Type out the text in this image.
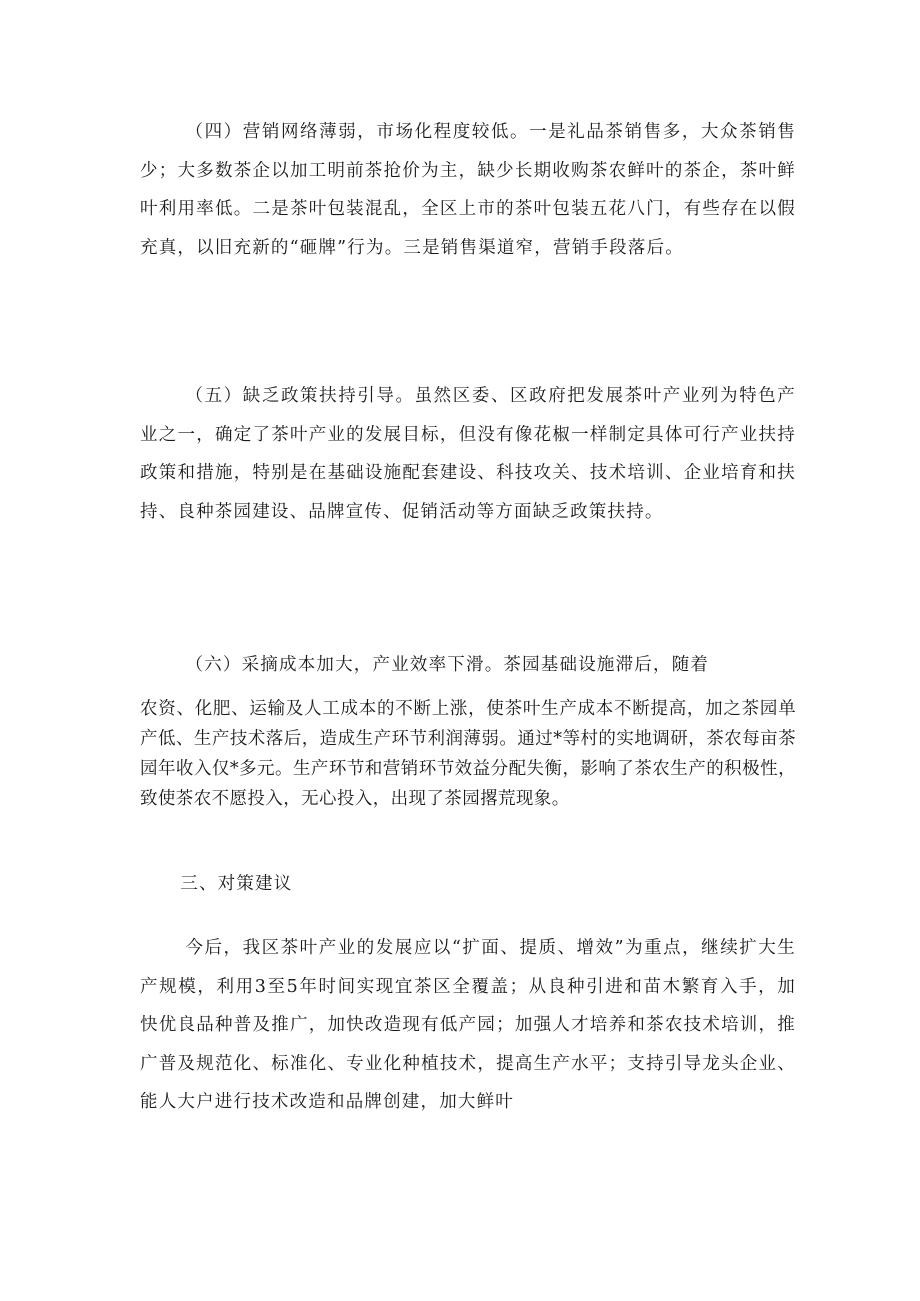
（四）营销网络薄弱，市场化程度较低。一是礼品茶销售多，大众茶销售少；大多数茶企以加工明前茶抢价为主，缺少长期收购茶农鲜叶的茶企，茶叶鲜叶利用率低。二是茶叶包装混乱，全区上市的茶叶包装五花八门，有些存在以假充真，以旧充新的“砸牌”行为。三是销售渠道窄，营销手段落后。

（五）缺乏政策扶持引导。虽然区委、区政府把发展茶叶产业列为特色产业之一，确定了茶叶产业的发展目标，但没有像花椒一样制定具体可行产业扶持政策和措施，特别是在基础设施配套建设、科技攻关、技术培训、企业培育和扶持、良种茶园建设、品牌宣传、促销活动等方面缺乏政策扶持。

（六）采摘成本加大，产业效率下滑。茶园基础设施滞后，随着

农资、化肥、运输及人工成本的不断上涨，使茶叶生产成本不断提高，加之茶园单产低、生产技术落后，造成生产环节利润薄弱。通过*等村的实地调研，茶农每亩茶园年收入仅*多元。生产环节和营销环节效益分配失衡，影响了茶农生产的积极性，致使茶农不愿投入，无心投入，出现了茶园撂荒现象。

三、对策建议

今后，我区茶叶产业的发展应以“扩面、提质、增效”为重点，继续扩大生产规模，利用3至5年时间实现宜茶区全覆盖；从良种引进和苗木繁育入手，加快优良品种普及推广，加快改造现有低产园；加强人才培养和茶农技术培训，推广普及规范化、标准化、专业化种植技术，提高生产水平；支持引导龙头企业、能人大户进行技术改造和品牌创建，加大鲜叶
